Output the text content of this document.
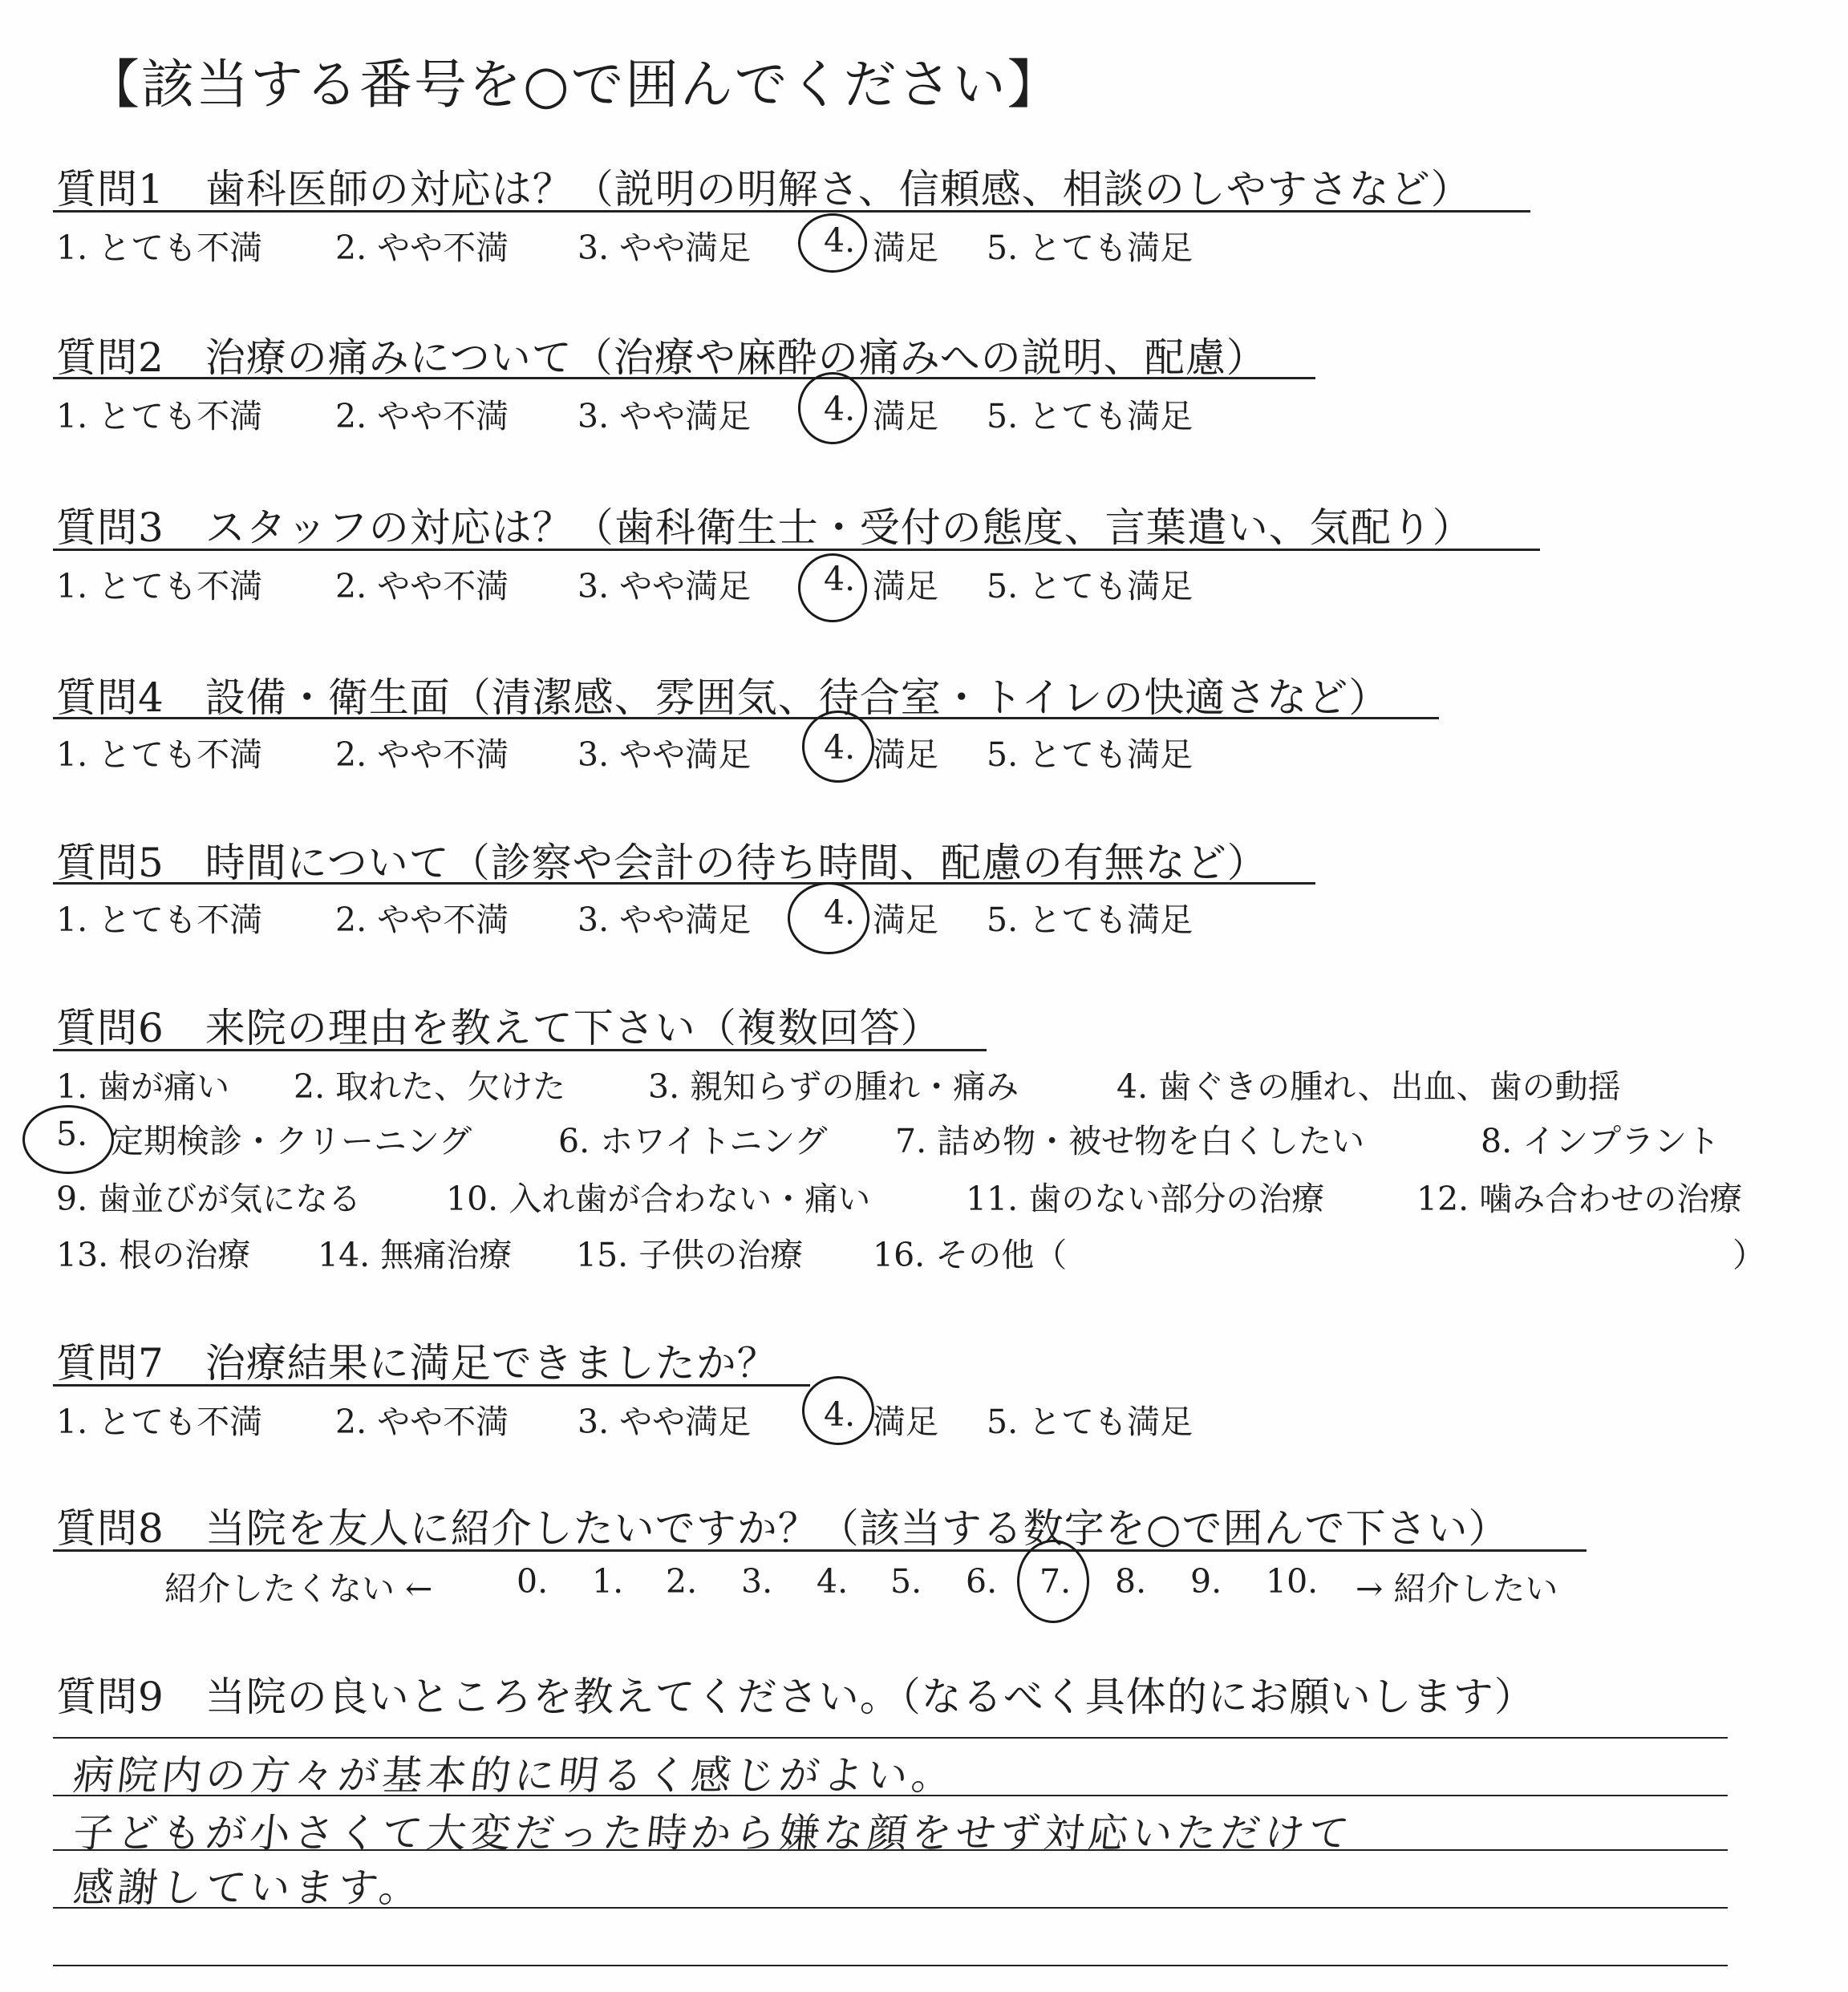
【該当する番号を○で囲んでください】
質問1　歯科医師の対応は？（説明の明解さ、信頼感、相談のしやすさなど）
1. とても不満 2. やや不満 3. やや満足 4. 満足 5. とても満足
質問2　治療の痛みについて（治療や麻酔の痛みへの説明、配慮）
1. とても不満 2. やや不満 3. やや満足 4. 満足 5. とても満足
質問3　スタッフの対応は？（歯科衛生士・受付の態度、言葉遣い、気配り）
1. とても不満 2. やや不満 3. やや満足 4. 満足 5. とても満足
質問4　設備・衛生面（清潔感、雰囲気、待合室・トイレの快適さなど）
1. とても不満 2. やや不満 3. やや満足 4. 満足 5. とても満足
質問5　時間について（診察や会計の待ち時間、配慮の有無など）
1. とても不満 2. やや不満 3. やや満足 4. 満足 5. とても満足
質問6　来院の理由を教えて下さい（複数回答）
1. 歯が痛い 2. 取れた、欠けた	3. 親知らずの腫れ・痛み	4. 歯ぐきの腫れ、出血、歯の動揺
5. 定期検診・クリーニング	6. ホワイトニング 7. 詰め物・被せ物を白くしたい	8. インプラント
9. 歯並びが気になる	10. 入れ歯が合わない・痛い	11. 歯のない部分の治療	12. 噛み合わせの治療
13. 根の治療 14. 無痛治療 15. 子供の治療 16. その他（	）
質問7　治療結果に満足できましたか？
1. とても不満 2. やや不満 3. やや満足 4. 満足 5. とても満足
質問8　当院を友人に紹介したいですか？（該当する数字を○で囲んで下さい）
紹介したくない ←	0. 1. 2. 3. 4. 5. 6. 7. 8. 9. 10. → 紹介したい
質問9　当院の良いところを教えてください。（なるべく具体的にお願いします）
病院内の方々が基本的に明るく感じがよい。
子どもが小さくて大変だった時から嫌な顔をせず対応いただけて
感謝しています。
